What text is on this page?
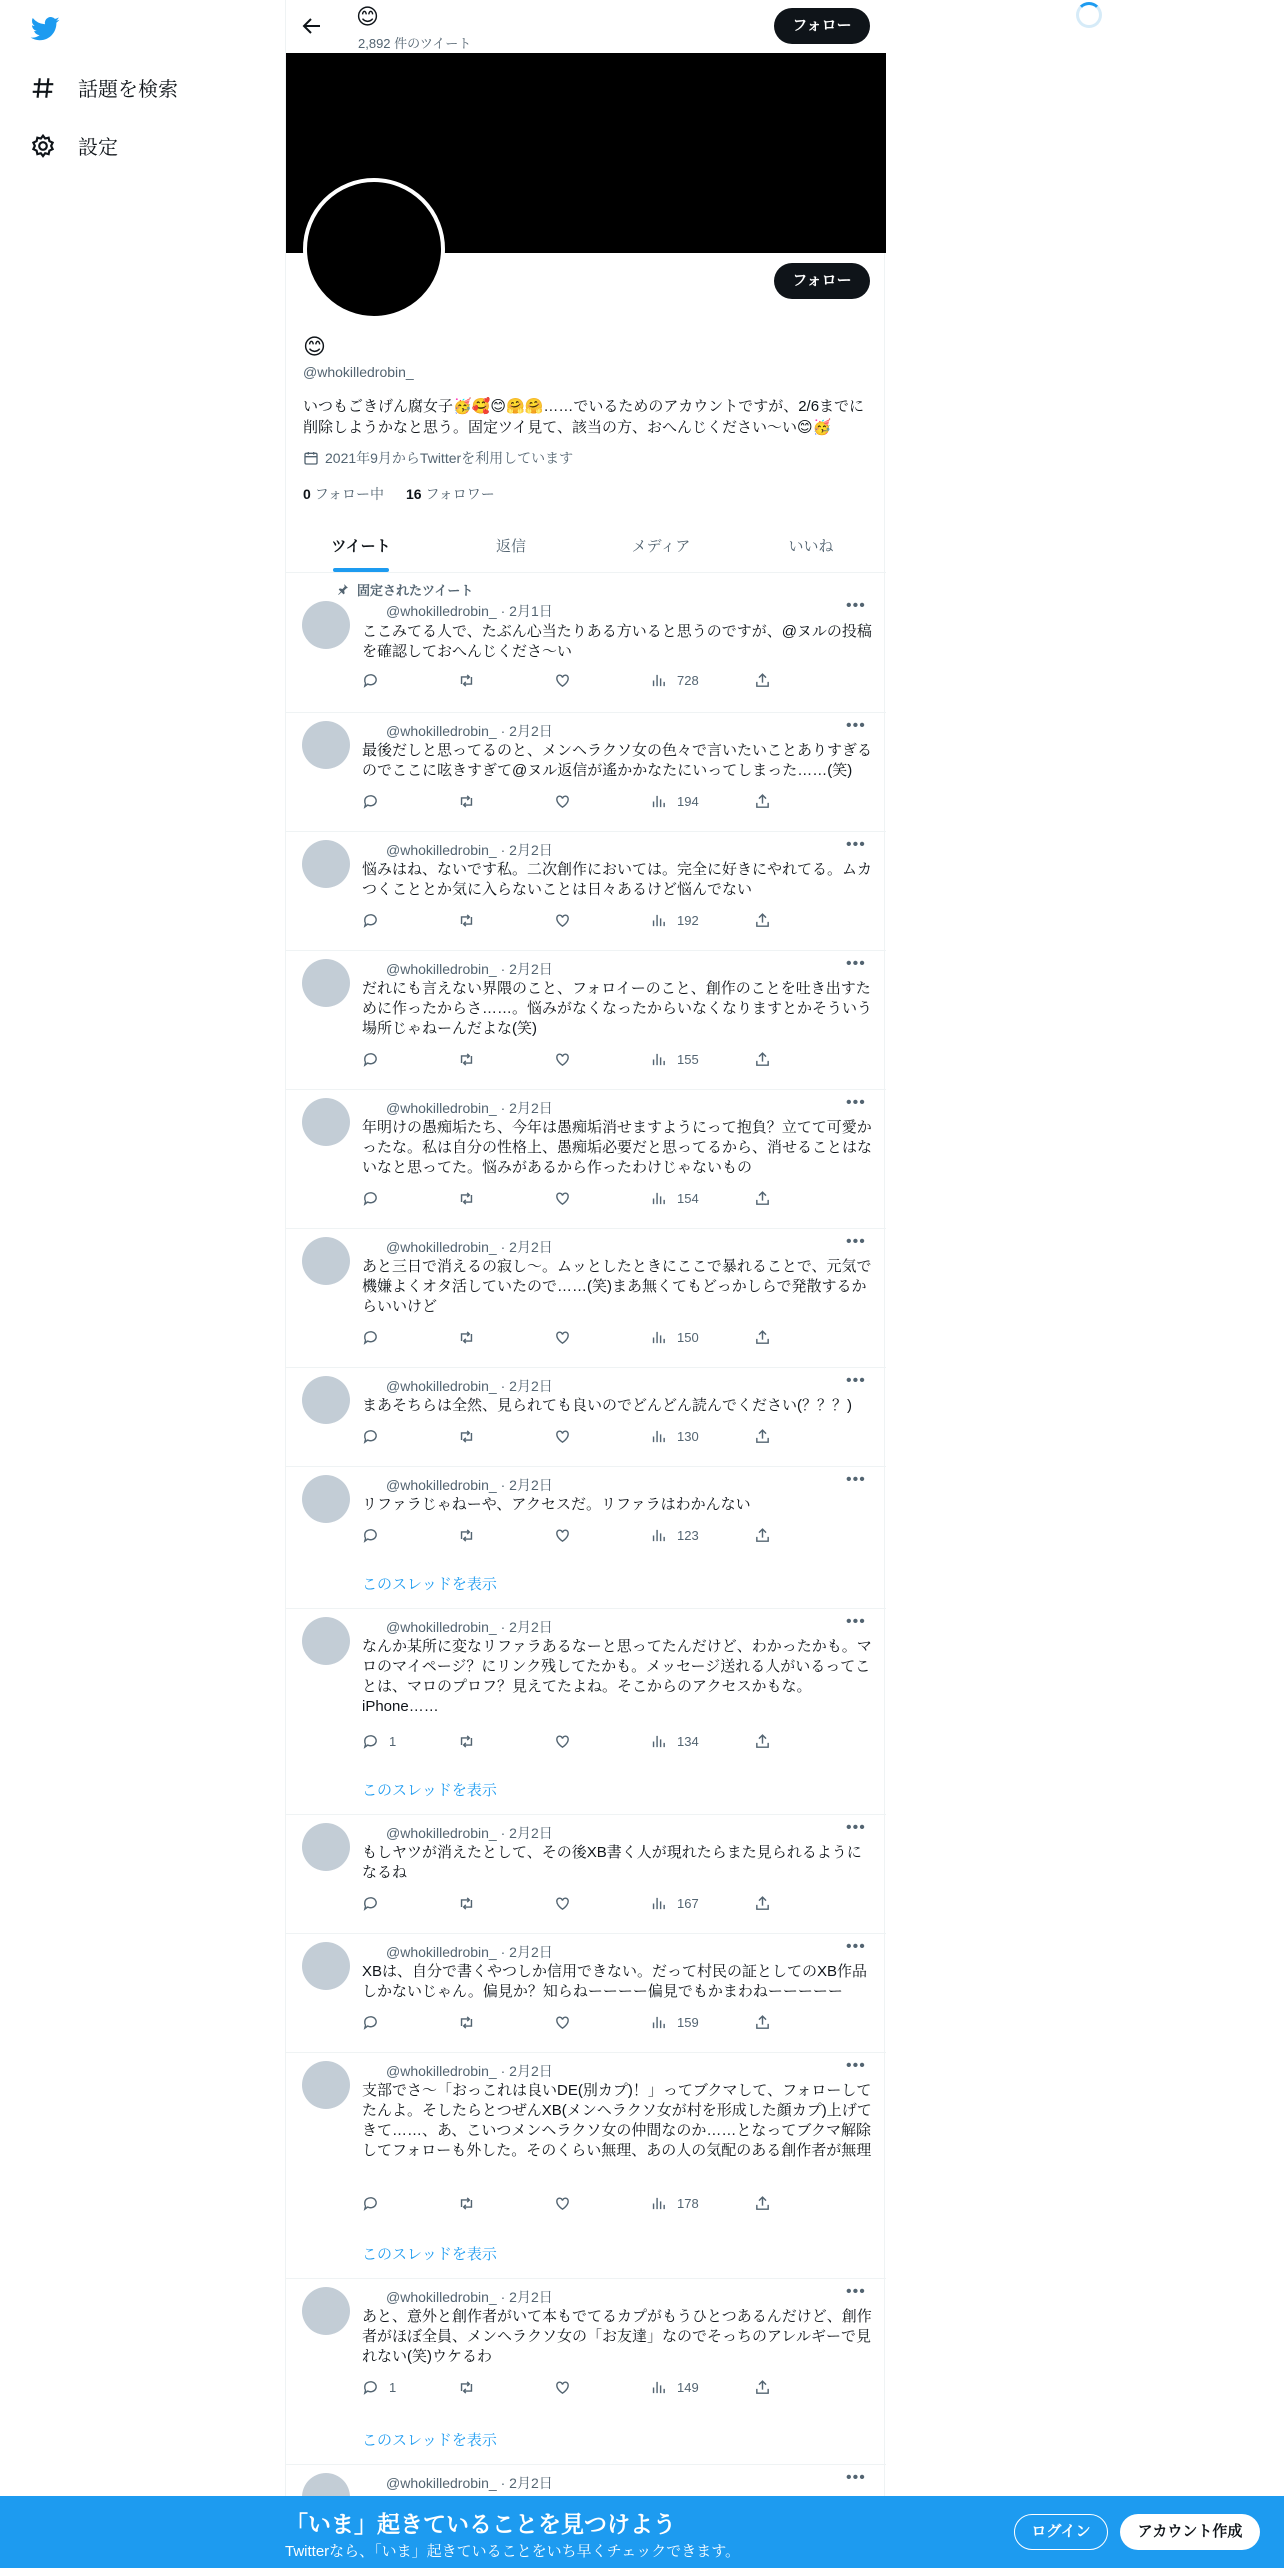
話題を検索
設定
😊
2,892 件のツイート
フォロー
フォロー
😊
@whokilledrobin_
いつもごきげん腐女子🥳🥰😊🤗🤗……でいるためのアカウントですが、2/6までに削除しようかなと思う。固定ツイ見て、該当の方、おへんじください〜い😊🥳
2021年9月からTwitterを利用しています
0 フォロー中 16 フォロワー
ツイート	返信	メディア	いいね
固定されたツイート
@whokilledrobin_ · 2月1日	•••
ここみてる人で、たぶん心当たりある方いると思うのですが、@ヌルの投稿を確認しておへんじくださ〜い
728
@whokilledrobin_ · 2月2日	•••
最後だしと思ってるのと、メンヘラクソ女の色々で言いたいことありすぎるのでここに呟きすぎて@ヌル返信が遙かかなたにいってしまった……(笑)
194
@whokilledrobin_ · 2月2日	•••
悩みはね、ないです私。二次創作においては。完全に好きにやれてる。ムカつくこととか気に入らないことは日々あるけど悩んでない
192
@whokilledrobin_ · 2月2日	•••
だれにも言えない界隈のこと、フォロイーのこと、創作のことを吐き出すために作ったからさ……。悩みがなくなったからいなくなりますとかそういう場所じゃねーんだよな(笑)
155
@whokilledrobin_ · 2月2日	•••
年明けの愚痴垢たち、今年は愚痴垢消せますようにって抱負？立てて可愛かったな。私は自分の性格上、愚痴垢必要だと思ってるから、消せることはないなと思ってた。悩みがあるから作ったわけじゃないもの
154
@whokilledrobin_ · 2月2日	•••
あと三日で消えるの寂し〜。ムッとしたときにここで暴れることで、元気で機嫌よくオタ活していたので……(笑)まあ無くてもどっかしらで発散するからいいけど
150
@whokilledrobin_ · 2月2日	•••
まあそちらは全然、見られても良いのでどんどん読んでください(？？？)
130
@whokilledrobin_ · 2月2日	•••
リファラじゃねーや、アクセスだ。リファラはわかんない
123
このスレッドを表示
@whokilledrobin_ · 2月2日	•••
なんか某所に変なリファラあるなーと思ってたんだけど、わかったかも。マロのマイページ？にリンク残してたかも。メッセージ送れる人がいるってことは、マロのプロフ？見えてたよね。そこからのアクセスかもな。iPhone……
1	134
このスレッドを表示
@whokilledrobin_ · 2月2日	•••
もしヤツが消えたとして、その後XB書く人が現れたらまた見られるようになるね
167
@whokilledrobin_ · 2月2日	•••
XBは、自分で書くやつしか信用できない。だって村民の証としてのXB作品しかないじゃん。偏見か？知らねーーーー偏見でもかまわねーーーーー
159
@whokilledrobin_ · 2月2日	•••
支部でさ〜「おっこれは良いDE(別カプ)！」ってブクマして、フォローしてたんよ。そしたらとつぜんXB(メンヘラクソ女が村を形成した顔カプ)上げてきて……、あ、こいつメンヘラクソ女の仲間なのか……となってブクマ解除してフォローも外した。そのくらい無理、あの人の気配のある創作者が無理
178
このスレッドを表示
@whokilledrobin_ · 2月2日	•••
あと、意外と創作者がいて本もでてるカプがもうひとつあるんだけど、創作者がほぼ全員、メンヘラクソ女の「お友達」なのでそっちのアレルギーで見れない(笑)ウケるわ
1	149
このスレッドを表示
@whokilledrobin_ · 2月2日	•••
「いま」起きていることを見つけよう
Twitterなら、「いま」起きていることをいち早くチェックできます。
ログイン	アカウント作成
